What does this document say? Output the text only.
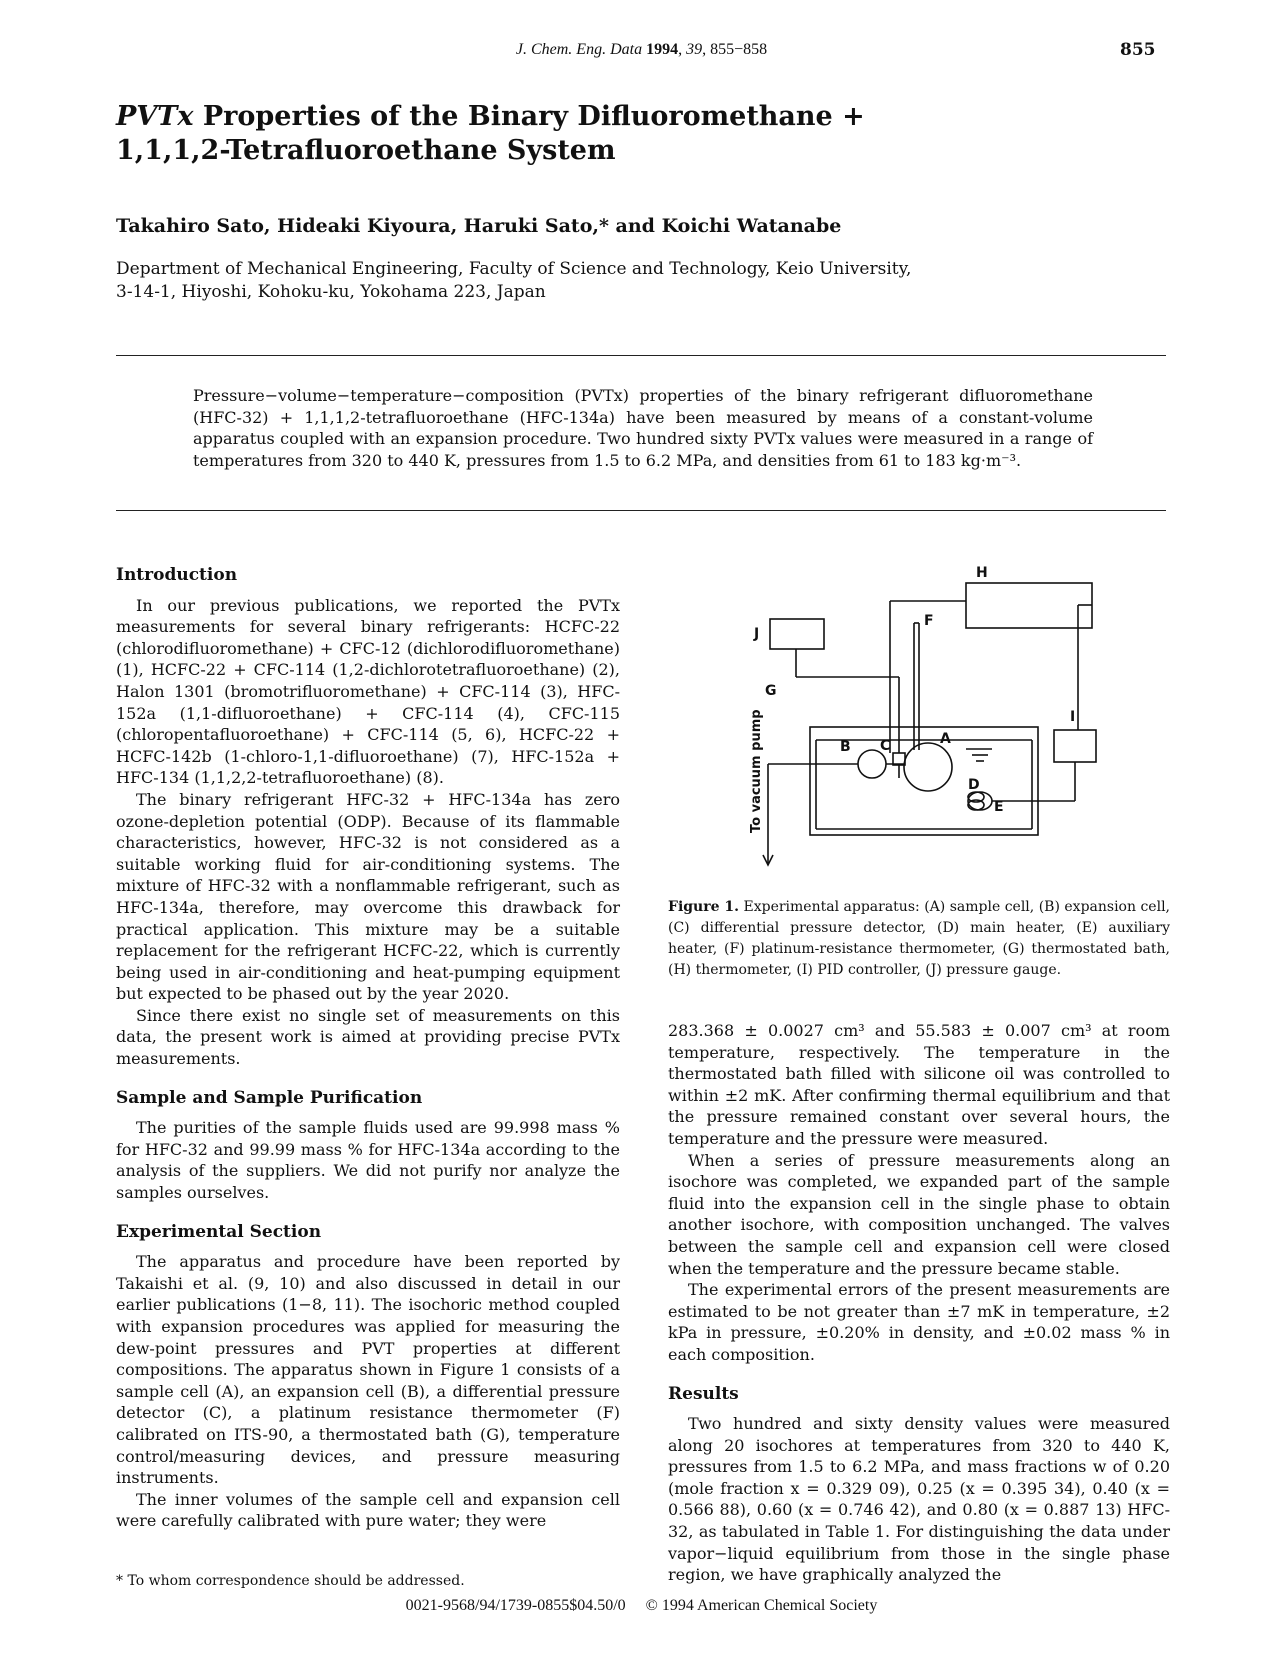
J. Chem. Eng. Data 1994, 39, 855−858	855
PVTx Properties of the Binary Difluoromethane +
1,1,1,2-Tetrafluoroethane System
Takahiro Sato, Hideaki Kiyoura, Haruki Sato,* and Koichi Watanabe
Department of Mechanical Engineering, Faculty of Science and Technology, Keio University,
3-14-1, Hiyoshi, Kohoku-ku, Yokohama 223, Japan
Pressure−volume−temperature−composition (PVTx) properties of the binary refrigerant difluoromethane (HFC-32) + 1,1,1,2-tetrafluoroethane (HFC-134a) have been measured by means of a constant-volume apparatus coupled with an expansion procedure. Two hundred sixty PVTx values were measured in a range of temperatures from 320 to 440 K, pressures from 1.5 to 6.2 MPa, and densities from 61 to 183 kg·m⁻³.
Introduction

In our previous publications, we reported the PVTx measurements for several binary refrigerants: HCFC-22 (chlorodifluoromethane) + CFC-12 (dichlorodifluoromethane) (1), HCFC-22 + CFC-114 (1,2-dichlorotetrafluoroethane) (2), Halon 1301 (bromotrifluoromethane) + CFC-114 (3), HFC-152a (1,1-difluoroethane) + CFC-114 (4), CFC-115 (chloropentafluoroethane) + CFC-114 (5, 6), HCFC-22 + HCFC-142b (1-chloro-1,1-difluoroethane) (7), HFC-152a + HFC-134 (1,1,2,2-tetrafluoroethane) (8).

The binary refrigerant HFC-32 + HFC-134a has zero ozone-depletion potential (ODP). Because of its flammable characteristics, however, HFC-32 is not considered as a suitable working fluid for air-conditioning systems. The mixture of HFC-32 with a nonflammable refrigerant, such as HFC-134a, therefore, may overcome this drawback for practical application. This mixture may be a suitable replacement for the refrigerant HCFC-22, which is currently being used in air-conditioning and heat-pumping equipment but expected to be phased out by the year 2020.

Since there exist no single set of measurements on this data, the present work is aimed at providing precise PVTx measurements.

Sample and Sample Purification

The purities of the sample fluids used are 99.998 mass % for HFC-32 and 99.99 mass % for HFC-134a according to the analysis of the suppliers. We did not purify nor analyze the samples ourselves.

Experimental Section

The apparatus and procedure have been reported by Takaishi et al. (9, 10) and also discussed in detail in our earlier publications (1−8, 11). The isochoric method coupled with expansion procedures was applied for measuring the dew-point pressures and PVT properties at different compositions. The apparatus shown in Figure 1 consists of a sample cell (A), an expansion cell (B), a differential pressure detector (C), a platinum resistance thermometer (F) calibrated on ITS-90, a thermostated bath (G), temperature control/measuring devices, and pressure measuring instruments.

The inner volumes of the sample cell and expansion cell were carefully calibrated with pure water; they were

H
J
F
G
I
A
B C
D
E
To vacuum pump
Figure 1. Experimental apparatus: (A) sample cell, (B) expansion cell, (C) differential pressure detector, (D) main heater, (E) auxiliary heater, (F) platinum-resistance thermometer, (G) thermostated bath, (H) thermometer, (I) PID controller, (J) pressure gauge.

283.368 ± 0.0027 cm³ and 55.583 ± 0.007 cm³ at room temperature, respectively. The temperature in the thermostated bath filled with silicone oil was controlled to within ±2 mK. After confirming thermal equilibrium and that the pressure remained constant over several hours, the temperature and the pressure were measured.

When a series of pressure measurements along an isochore was completed, we expanded part of the sample fluid into the expansion cell in the single phase to obtain another isochore, with composition unchanged. The valves between the sample cell and expansion cell were closed when the temperature and the pressure became stable.

The experimental errors of the present measurements are estimated to be not greater than ±7 mK in temperature, ±2 kPa in pressure, ±0.20% in density, and ±0.02 mass % in each composition.

Results

Two hundred and sixty density values were measured along 20 isochores at temperatures from 320 to 440 K, pressures from 1.5 to 6.2 MPa, and mass fractions w of 0.20 (mole fraction x = 0.329 09), 0.25 (x = 0.395 34), 0.40 (x = 0.566 88), 0.60 (x = 0.746 42), and 0.80 (x = 0.887 13) HFC-32, as tabulated in Table 1. For distinguishing the data under vapor−liquid equilibrium from those in the single phase region, we have graphically analyzed the

* To whom correspondence should be addressed.
0021-9568/94/1739-0855$04.50/0 © 1994 American Chemical Society
